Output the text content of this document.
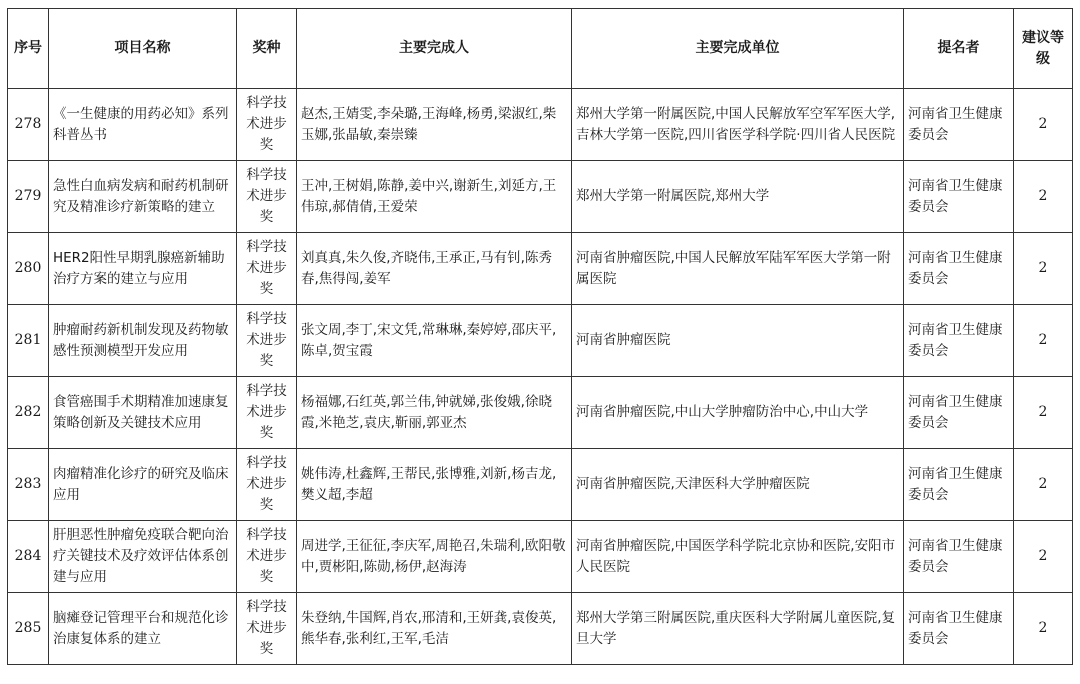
序号	项目名称	奖种	主要完成人	主要完成单位	提名者	建议等级
278	《一生健康的用药必知》系列科普丛书	科学技术进步奖	赵杰,王婧雯,李朵璐,王海峰,杨勇,梁淑红,柴玉娜,张晶敏,秦崇臻	郑州大学第一附属医院,中国人民解放军空军军医大学,吉林大学第一医院,四川省医学科学院·四川省人民医院	河南省卫生健康委员会	2
279	急性白血病发病和耐药机制研究及精准诊疗新策略的建立	科学技术进步奖	王冲,王树娟,陈静,姜中兴,谢新生,刘延方,王伟琼,郝倩倩,王爱荣	郑州大学第一附属医院,郑州大学	河南省卫生健康委员会	2
280	HER2阳性早期乳腺癌新辅助治疗方案的建立与应用	科学技术进步奖	刘真真,朱久俊,齐晓伟,王承正,马有钊,陈秀春,焦得闯,姜军	河南省肿瘤医院,中国人民解放军陆军军医大学第一附属医院	河南省卫生健康委员会	2
281	肿瘤耐药新机制发现及药物敏感性预测模型开发应用	科学技术进步奖	张文周,李丁,宋文凭,常琳琳,秦婷婷,邵庆平,陈卓,贺宝霞	河南省肿瘤医院	河南省卫生健康委员会	2
282	食管癌围手术期精准加速康复策略创新及关键技术应用	科学技术进步奖	杨福娜,石红英,郭兰伟,钟就娣,张俊娥,徐晓霞,米艳芝,袁庆,靳丽,郭亚杰	河南省肿瘤医院,中山大学肿瘤防治中心,中山大学	河南省卫生健康委员会	2
283	肉瘤精准化诊疗的研究及临床应用	科学技术进步奖	姚伟涛,杜鑫辉,王帮民,张博雅,刘新,杨吉龙,樊义超,李超	河南省肿瘤医院,天津医科大学肿瘤医院	河南省卫生健康委员会	2
284	肝胆恶性肿瘤免疫联合靶向治疗关键技术及疗效评估体系创建与应用	科学技术进步奖	周进学,王征征,李庆军,周艳召,朱瑞利,欧阳敬中,贾彬阳,陈勋,杨伊,赵海涛	河南省肿瘤医院,中国医学科学院北京协和医院,安阳市人民医院	河南省卫生健康委员会	2
285	脑瘫登记管理平台和规范化诊治康复体系的建立	科学技术进步奖	朱登纳,牛国辉,肖农,邢清和,王妍龚,袁俊英,熊华春,张利红,王军,毛洁	郑州大学第三附属医院,重庆医科大学附属儿童医院,复旦大学	河南省卫生健康委员会	2
